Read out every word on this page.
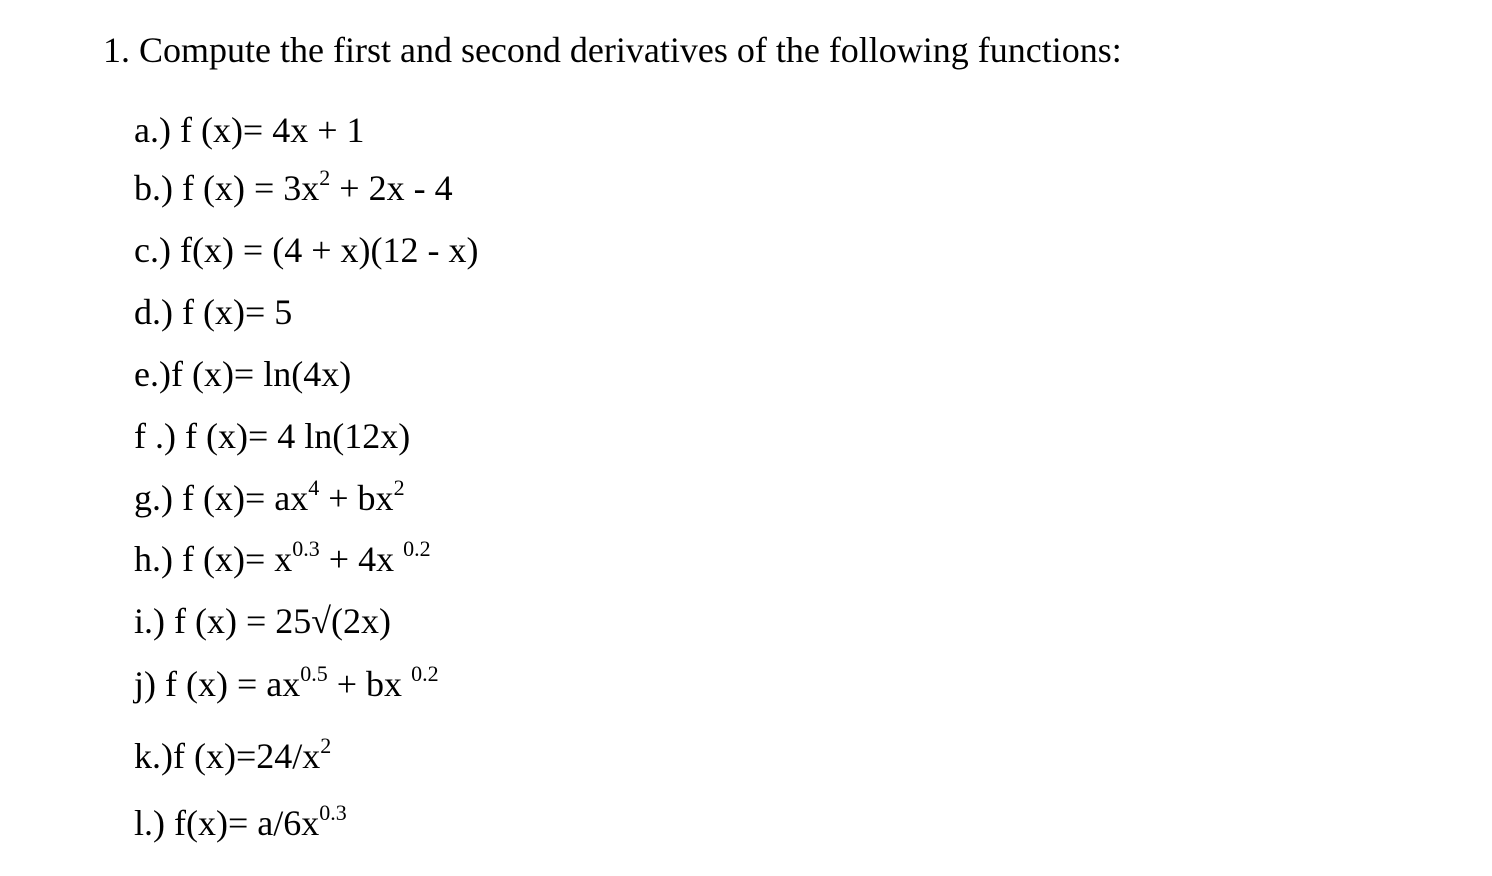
1. Compute the first and second derivatives of the following functions:
a.) f (x)= 4x + 1
b.) f $(x) = 3x^2 + 2x - 4$
c.) f(x) = (4 + x)(12 - x)
d.) f (x)= 5
e.)f (x)= ln(4x)
f .) f (x)= 4 ln(12x)
g.) f $(x)= ax^4 + bx^2$
h.) f $(x)= x^{0.3} + 4x$ $^{0.2}$
i.) f (x) = 25√(2x)
j) f $(x) = ax^{0.5}$ + bx $^{0.2}$
k.)f $(x)=24/x^2$
l.) $f(x)= a/6x^{0.3}$
